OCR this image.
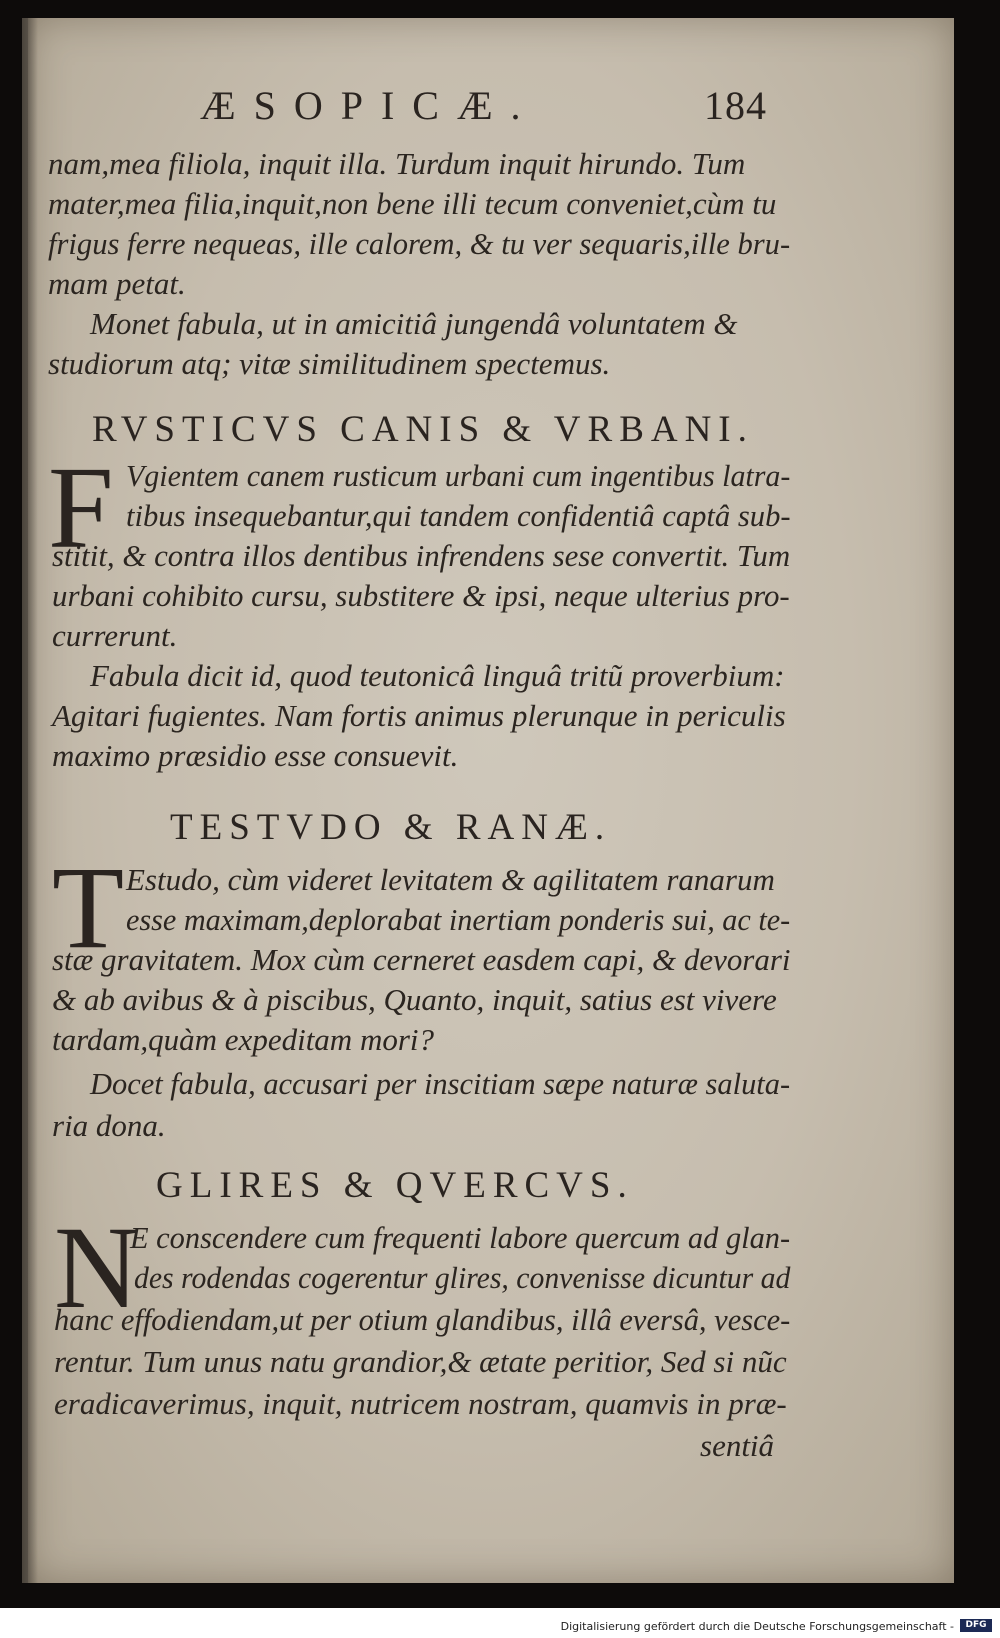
ÆSOPICÆ.	184
nam,mea filiola, inquit illa. Turdum inquit hirundo. Tum
mater,mea filia,inquit,non bene illi tecum conveniet,cùm tu
frigus ferre nequeas, ille calorem, & tu ver sequaris,ille bru-
mam petat.
Monet fabula, ut in amicitiâ jungendâ voluntatem &
studiorum atq; vitæ similitudinem spectemus.
RVSTICVS CANIS & VRBANI.
F Vgientem canem rusticum urbani cum ingentibus latra-
tibus insequebantur,qui tandem confidentiâ captâ sub-
stitit, & contra illos dentibus infrendens sese convertit. Tum
urbani cohibito cursu, substitere & ipsi, neque ulterius pro-
currerunt.
Fabula dicit id, quod teutonicâ linguâ tritũ proverbium:
Agitari fugientes. Nam fortis animus plerunque in periculis
maximo præsidio esse consuevit.
TESTVDO & RANÆ.
T Estudo, cùm videret levitatem & agilitatem ranarum
esse maximam,deplorabat inertiam ponderis sui, ac te-
stæ gravitatem. Mox cùm cerneret easdem capi, & devorari
& ab avibus & à piscibus, Quanto, inquit, satius est vivere
tardam,quàm expeditam mori?
Docet fabula, accusari per inscitiam sæpe naturæ saluta-
ria dona.
GLIRES & QVERCVS.
N
E conscendere cum frequenti labore quercum ad glan-
des rodendas cogerentur glires, convenisse dicuntur ad
hanc effodiendam,ut per otium glandibus, illâ eversâ, vesce-
rentur. Tum unus natu grandior,& ætate peritior, Sed si nũc
eradicaverimus, inquit, nutricem nostram, quamvis in præ-
sentiâ
Digitalisierung gefördert durch die Deutsche Forschungsgemeinschaft -	DFG
